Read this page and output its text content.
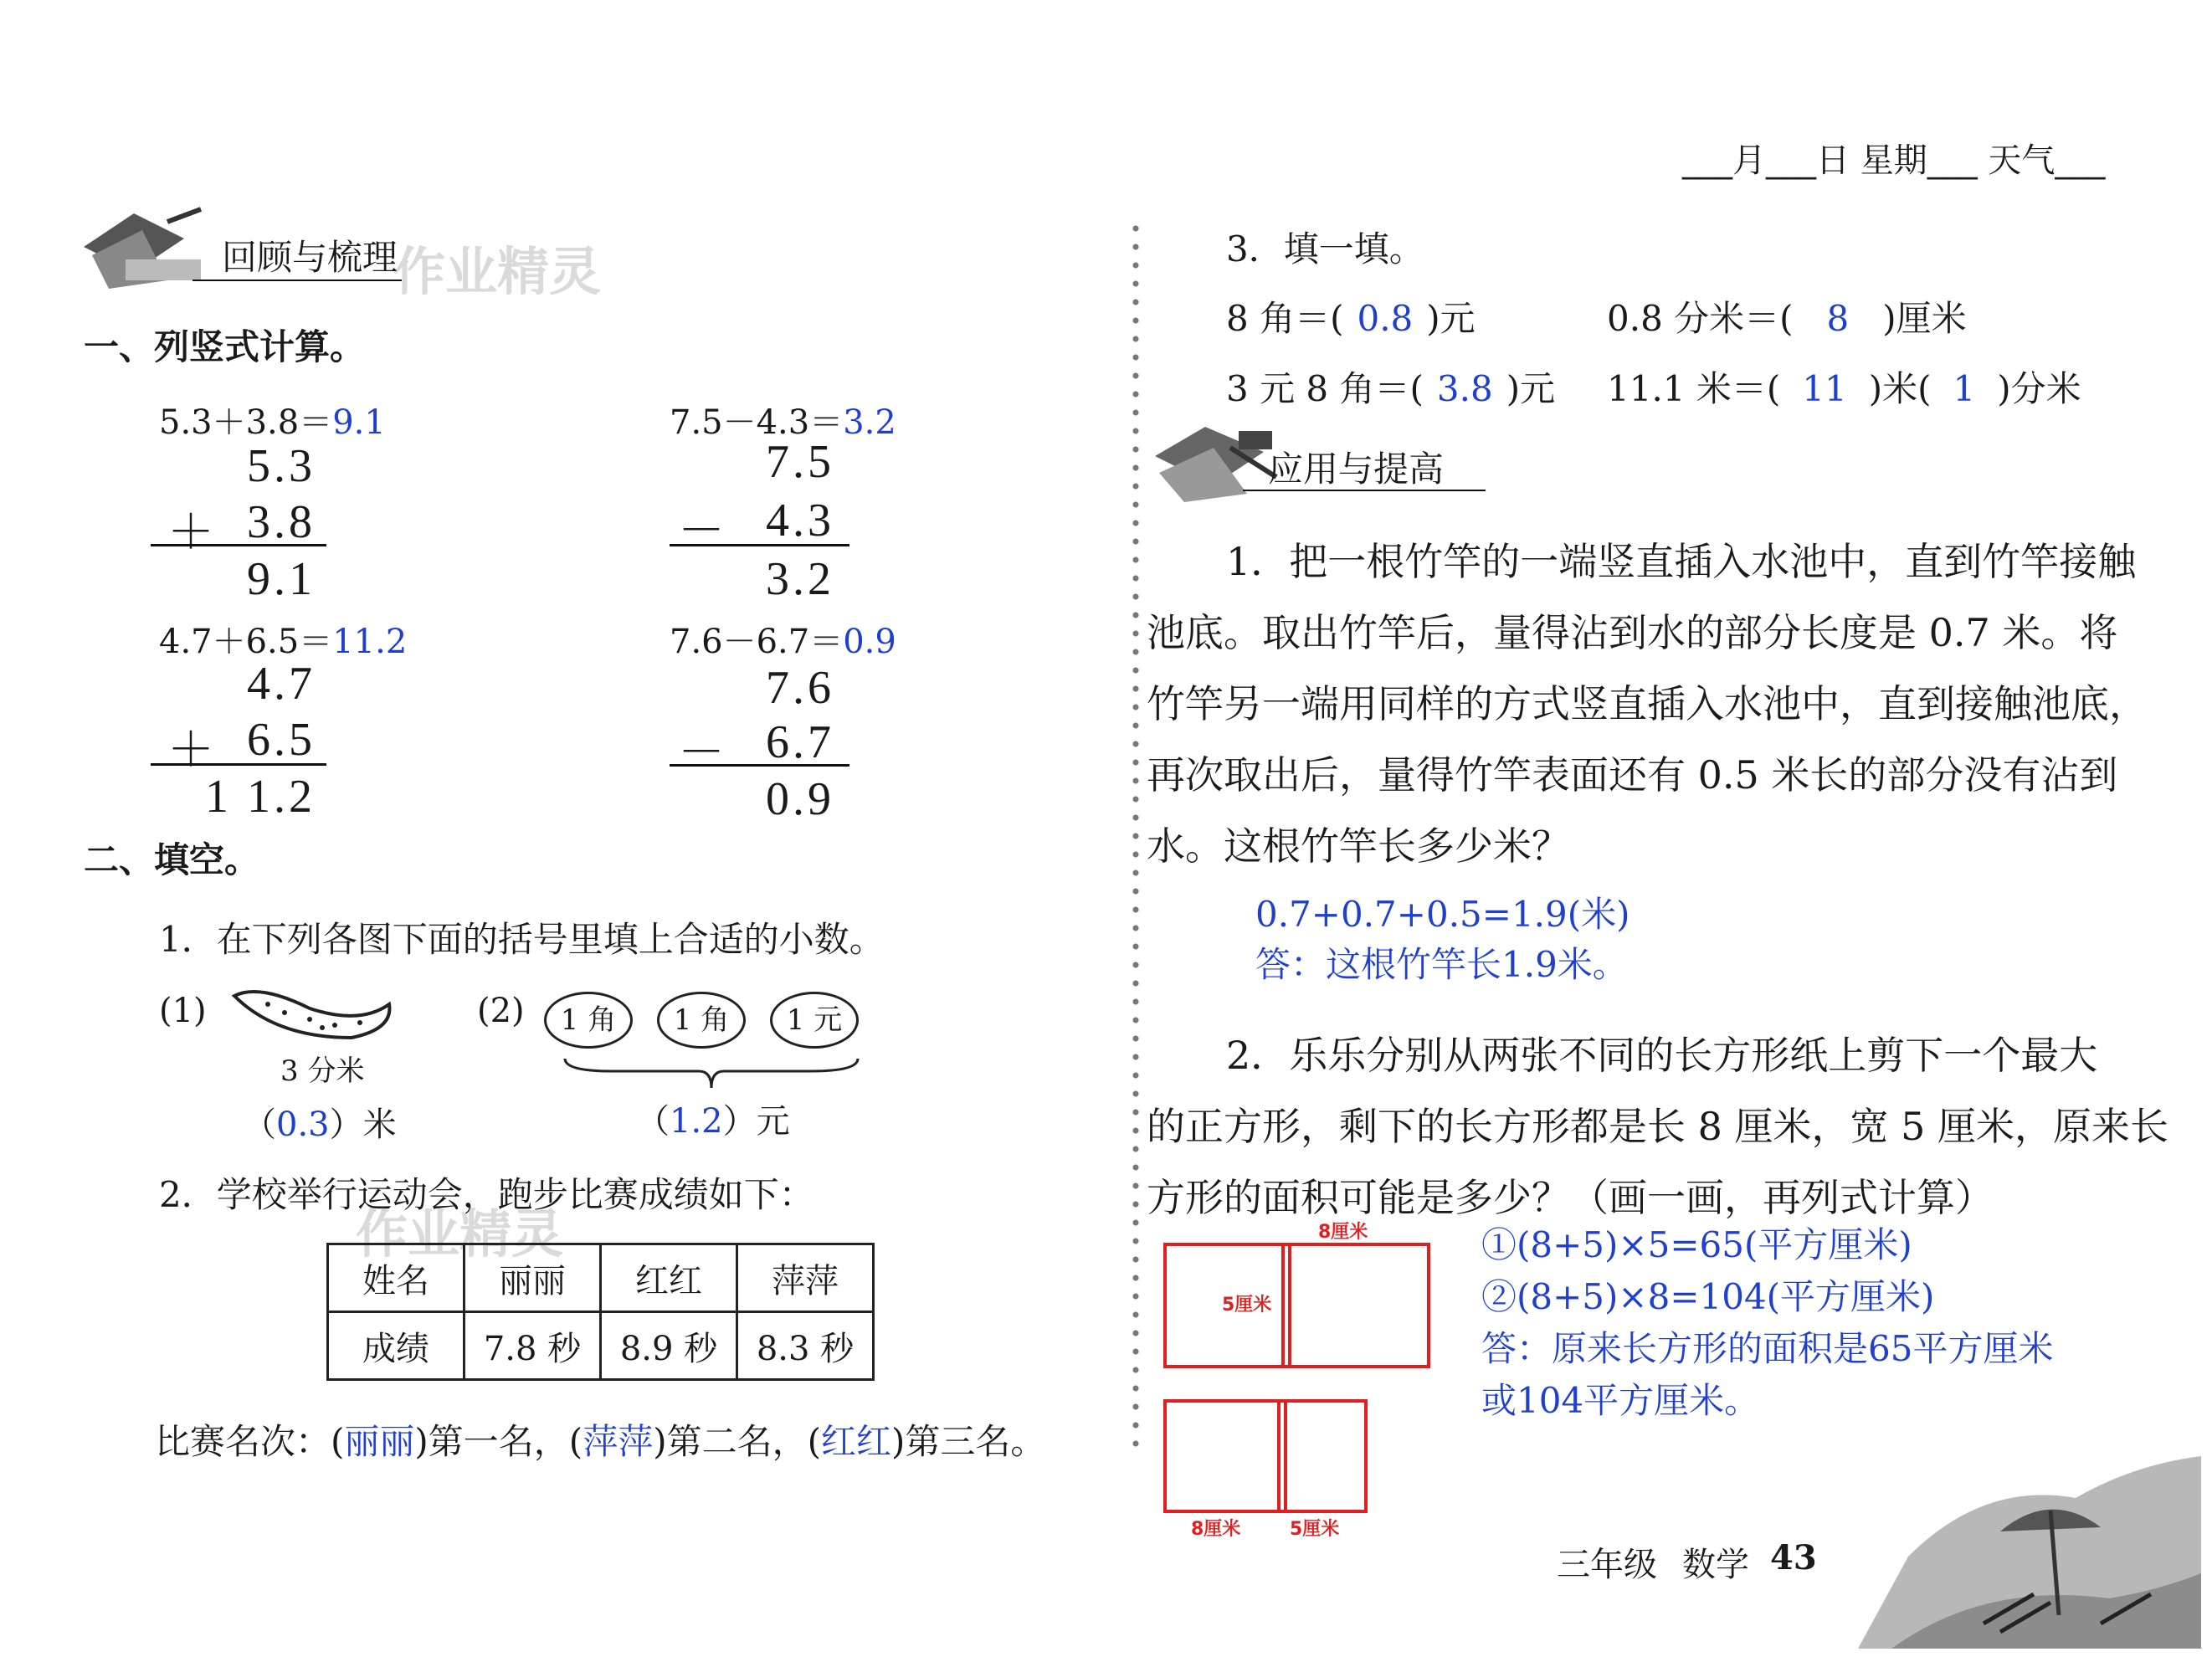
___月___日 星期___ 天气___
回顾与梳理
作业精灵
一、列竖式计算。
5.3＋3.8＝9.1
5.3
＋ 3.8
9.1
7.5－4.3＝3.2
7.5
－ 4.3
3.2
4.7＋6.5＝11.2
4.7
＋ 6.5
1 1.2
7.6－6.7＝0.9
7.6
－ 6.7
0.9
二、填空。
1．在下列各图下面的括号里填上合适的小数。
(1)
3 分米
（0.3）米
(2)	1 角	1 角	1 元
（1.2）元
2．学校举行运动会，跑步比赛成绩如下：
作业精灵
姓名	丽丽	红红	萍萍
成绩	7.8 秒	8.9 秒	8.3 秒
比赛名次：(丽丽)第一名，(萍萍)第二名，(红红)第三名。
3．填一填。
8 角＝( 0.8 )元	0.8 分米＝( 8 )厘米
3 元 8 角＝( 3.8 )元 11.1 米＝( 11 )米( 1 )分米
应用与提高
1．把一根竹竿的一端竖直插入水池中，直到竹竿接触
池底。取出竹竿后，量得沾到水的部分长度是 0.7 米。将
竹竿另一端用同样的方式竖直插入水池中，直到接触池底，
再次取出后，量得竹竿表面还有 0.5 米长的部分没有沾到
水。这根竹竿长多少米？
0.7+0.7+0.5=1.9(米)
答：这根竹竿长1.9米。
2．乐乐分别从两张不同的长方形纸上剪下一个最大
的正方形，剩下的长方形都是长 8 厘米，宽 5 厘米，原来长
方形的面积可能是多少？（画一画，再列式计算）
8厘米
5厘米
8厘米	5厘米
①(8+5)×5=65(平方厘米)
②(8+5)×8=104(平方厘米)
答：原来长方形的面积是65平方厘米
或104平方厘米。
三年级 数学 43
